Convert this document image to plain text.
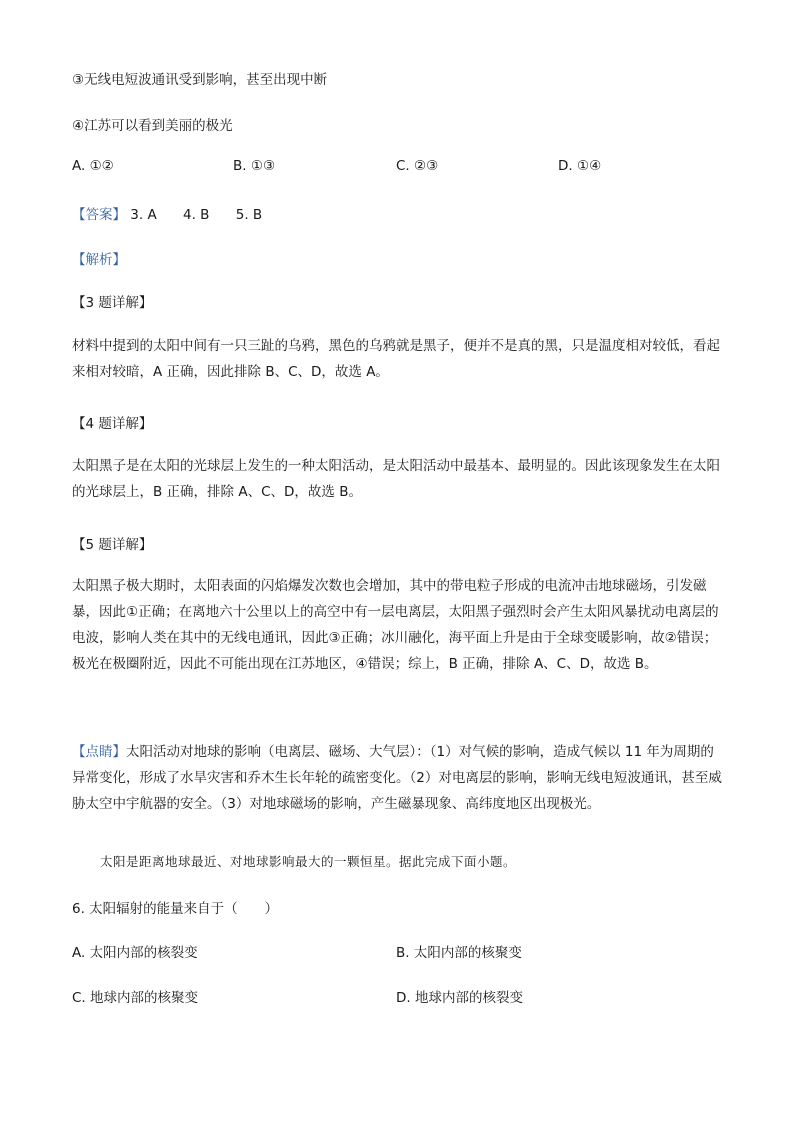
③无线电短波通讯受到影响，甚至出现中断
④江苏可以看到美丽的极光
A. ①②	B. ①③	C. ②③	D. ①④
【答案】 3. A 4. B 5. B
【解析】
【3 题详解】
材料中提到的太阳中间有一只三趾的乌鸦，黑色的乌鸦就是黑子，便并不是真的黑，只是温度相对较低，看起来相对较暗，A 正确，因此排除 B、C、D，故选 A。
【4 题详解】
太阳黑子是在太阳的光球层上发生的一种太阳活动，是太阳活动中最基本、最明显的。因此该现象发生在太阳的光球层上，B 正确，排除 A、C、D，故选 B。
【5 题详解】
太阳黑子极大期时，太阳表面的闪焰爆发次数也会增加，其中的带电粒子形成的电流冲击地球磁场，引发磁暴，因此①正确；在离地六十公里以上的高空中有一层电离层，太阳黑子强烈时会产生太阳风暴扰动电离层的电波，影响人类在其中的无线电通讯，因此③正确；冰川融化，海平面上升是由于全球变暖影响，故②错误；极光在极圈附近，因此不可能出现在江苏地区，④错误；综上，B 正确，排除 A、C、D，故选 B。
【点睛】太阳活动对地球的影响（电离层、磁场、大气层）：（1）对气候的影响，造成气候以 11 年为周期的异常变化，形成了水旱灾害和乔木生长年轮的疏密变化。（2）对电离层的影响，影响无线电短波通讯，甚至威胁太空中宇航器的安全。（3）对地球磁场的影响，产生磁暴现象、高纬度地区出现极光。
太阳是距离地球最近、对地球影响最大的一颗恒星。据此完成下面小题。
6. 太阳辐射的能量来自于（　　）
A. 太阳内部的核裂变	B. 太阳内部的核聚变
C. 地球内部的核聚变	D. 地球内部的核裂变
